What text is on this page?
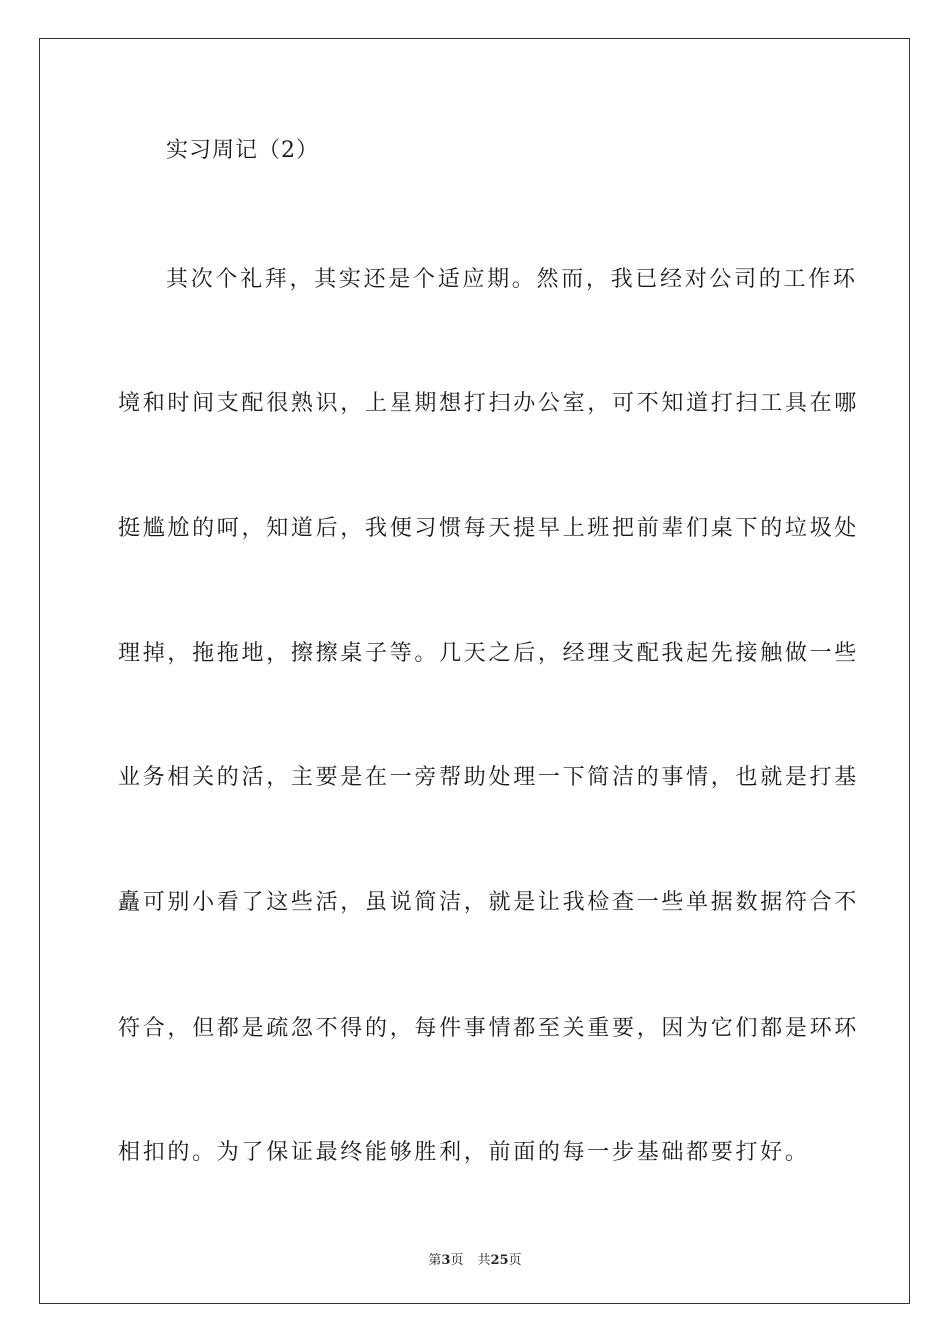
实习周记（2）
其次个礼拜，其实还是个适应期。然而，我已经对公司的工作环
境和时间支配很熟识，上星期想打扫办公室，可不知道打扫工具在哪
挺尴尬的呵，知道后，我便习惯每天提早上班把前辈们桌下的垃圾处
理掉，拖拖地，擦擦桌子等。几天之后，经理支配我起先接触做一些
业务相关的活，主要是在一旁帮助处理一下简洁的事情，也就是打基
矗可别小看了这些活，虽说简洁，就是让我检查一些单据数据符合不
符合，但都是疏忽不得的，每件事情都至关重要，因为它们都是环环
相扣的。为了保证最终能够胜利，前面的每一步基础都要打好。
第3页 共25页
